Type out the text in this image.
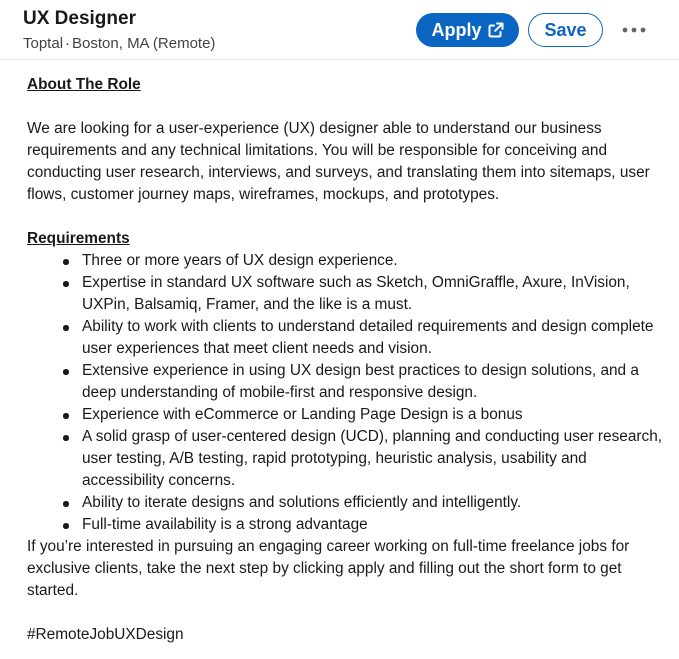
UX Designer
Toptal · Boston, MA (Remote)
Apply	Save

About The Role

We are looking for a user-experience (UX) designer able to understand our business requirements and any technical limitations. You will be responsible for conceiving and conducting user research, interviews, and surveys, and translating them into sitemaps, user flows, customer journey maps, wireframes, mockups, and prototypes.

Requirements

Three or more years of UX design experience.
Expertise in standard UX software such as Sketch, OmniGraffle, Axure, InVision, UXPin, Balsamiq, Framer, and the like is a must.
Ability to work with clients to understand detailed requirements and design complete user experiences that meet client needs and vision.
Extensive experience in using UX design best practices to design solutions, and a deep understanding of mobile-first and responsive design.
Experience with eCommerce or Landing Page Design is a bonus
A solid grasp of user-centered design (UCD), planning and conducting user research, user testing, A/B testing, rapid prototyping, heuristic analysis, usability and accessibility concerns.
Ability to iterate designs and solutions efficiently and intelligently.
Full-time availability is a strong advantage

If you’re interested in pursuing an engaging career working on full-time freelance jobs for exclusive clients, take the next step by clicking apply and filling out the short form to get started.

#RemoteJobUXDesign
